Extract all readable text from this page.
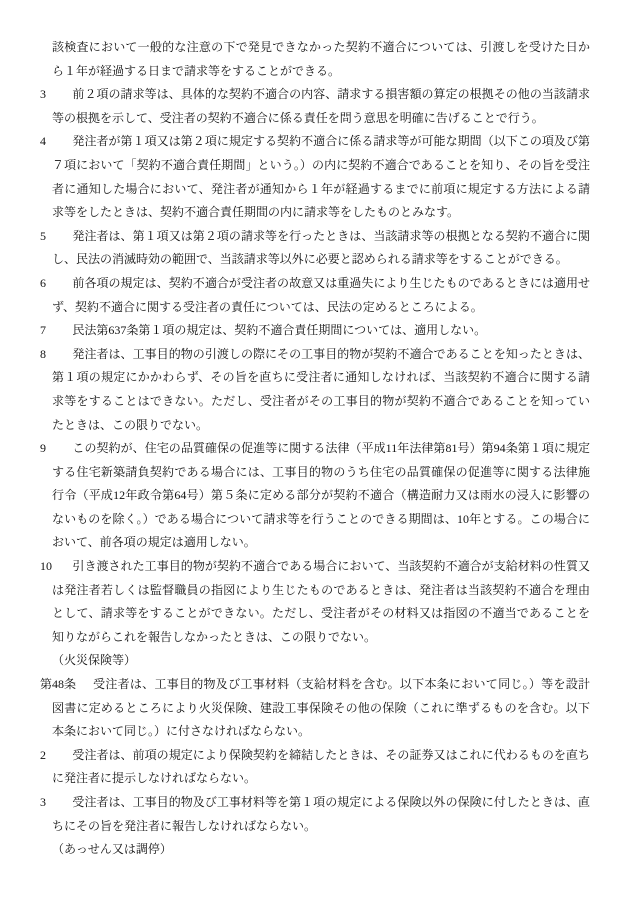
該検査において一般的な注意の下で発見できなかった契約不適合については、引渡しを受けた日から１年が経過する日まで請求等をすることができる。

3 前２項の請求等は、具体的な契約不適合の内容、請求する損害額の算定の根拠その他の当該請求等の根拠を示して、受注者の契約不適合に係る責任を問う意思を明確に告げることで行う。

4 発注者が第１項又は第２項に規定する契約不適合に係る請求等が可能な期間（以下この項及び第７項において「契約不適合責任期間」という。）の内に契約不適合であることを知り、その旨を受注者に通知した場合において、発注者が通知から１年が経過するまでに前項に規定する方法による請求等をしたときは、契約不適合責任期間の内に請求等をしたものとみなす。

5 発注者は、第１項又は第２項の請求等を行ったときは、当該請求等の根拠となる契約不適合に関し、民法の消滅時効の範囲で、当該請求等以外に必要と認められる請求等をすることができる。

6 前各項の規定は、契約不適合が受注者の故意又は重過失により生じたものであるときには適用せず、契約不適合に関する受注者の責任については、民法の定めるところによる。

7 民法第637条第１項の規定は、契約不適合責任期間については、適用しない。

8 発注者は、工事目的物の引渡しの際にその工事目的物が契約不適合であることを知ったときは、第１項の規定にかかわらず、その旨を直ちに受注者に通知しなければ、当該契約不適合に関する請求等をすることはできない。ただし、受注者がその工事目的物が契約不適合であることを知っていたときは、この限りでない。

9 この契約が、住宅の品質確保の促進等に関する法律（平成11年法律第81号）第94条第１項に規定する住宅新築請負契約である場合には、工事目的物のうち住宅の品質確保の促進等に関する法律施行令（平成12年政令第64号）第５条に定める部分が契約不適合（構造耐力又は雨水の浸入に影響のないものを除く。）である場合について請求等を行うことのできる期間は、10年とする。この場合において、前各項の規定は適用しない。

10 引き渡された工事目的物が契約不適合である場合において、当該契約不適合が支給材料の性質又は発注者若しくは監督職員の指図により生じたものであるときは、発注者は当該契約不適合を理由として、請求等をすることができない。ただし、受注者がその材料又は指図の不適当であることを知りながらこれを報告しなかったときは、この限りでない。

（火災保険等）

第48条 受注者は、工事目的物及び工事材料（支給材料を含む。以下本条において同じ。）等を設計図書に定めるところにより火災保険、建設工事保険その他の保険（これに準ずるものを含む。以下本条において同じ。）に付さなければならない。

2 受注者は、前項の規定により保険契約を締結したときは、その証券又はこれに代わるものを直ちに発注者に提示しなければならない。

3 受注者は、工事目的物及び工事材料等を第１項の規定による保険以外の保険に付したときは、直ちにその旨を発注者に報告しなければならない。

（あっせん又は調停）
